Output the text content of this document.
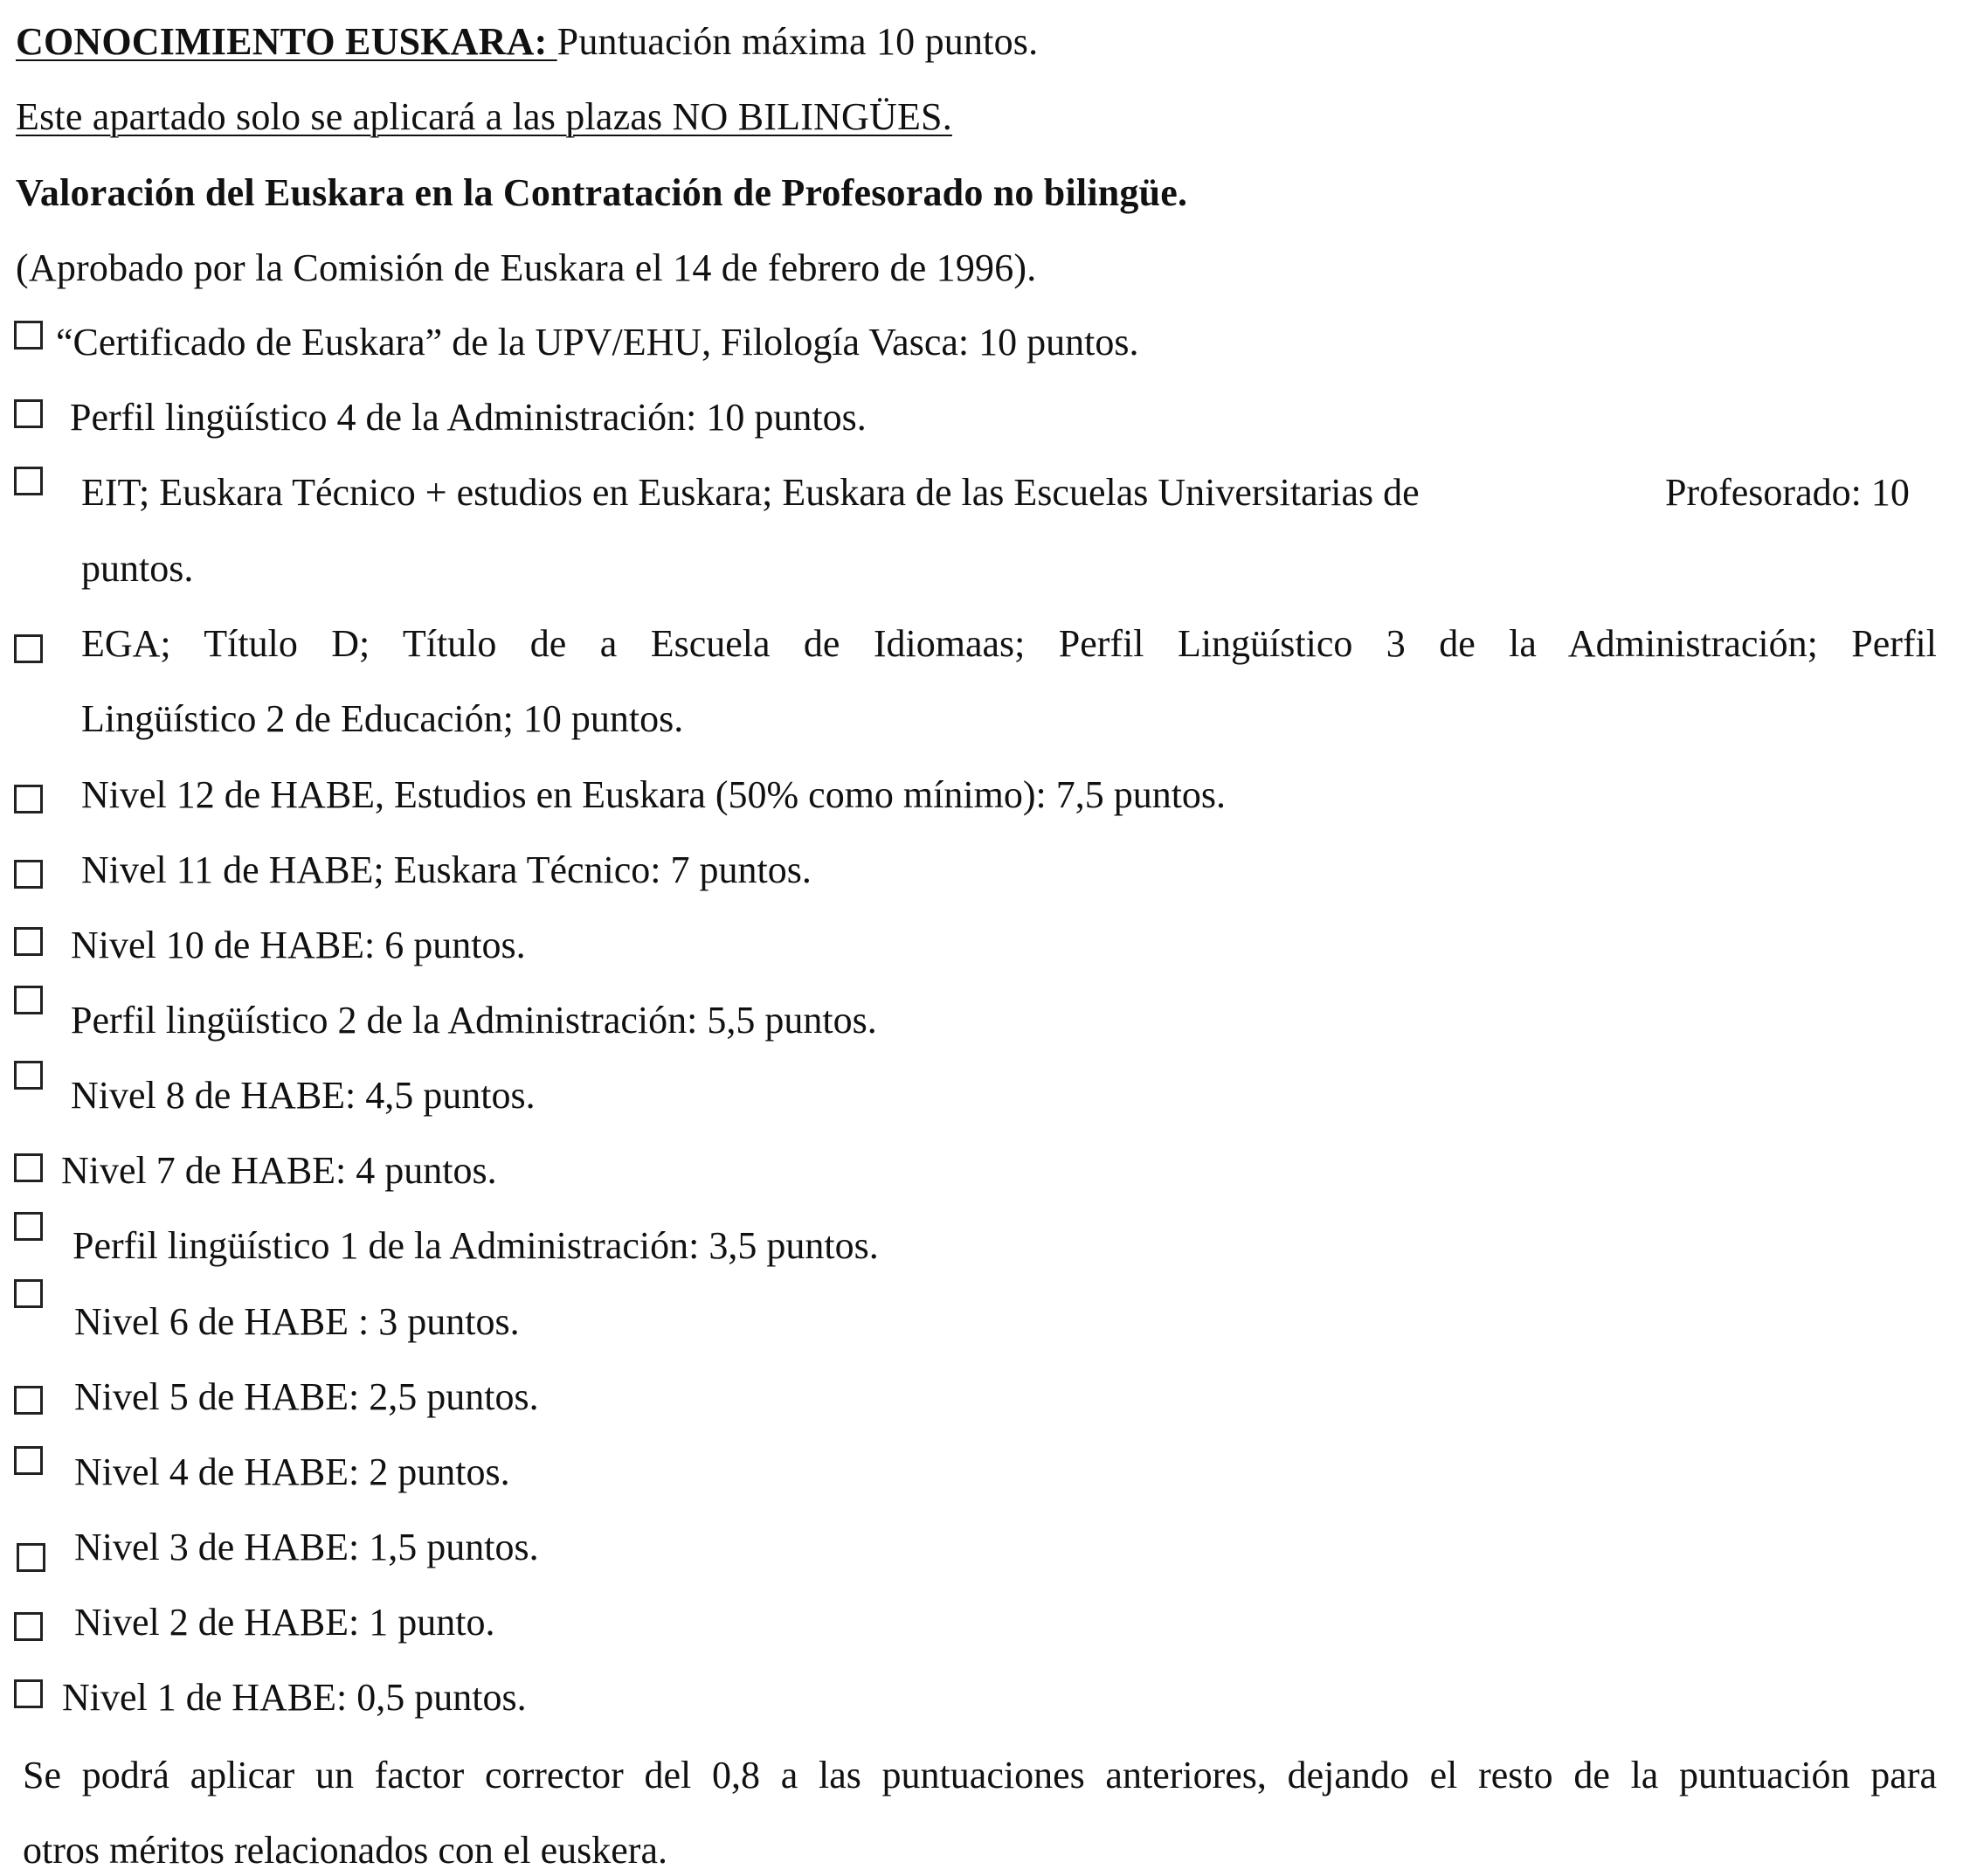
CONOCIMIENTO EUSKARA: Puntuación máxima 10 puntos.
Este apartado solo se aplicará a las plazas NO BILINGÜES.
Valoración del Euskara en la Contratación de Profesorado no bilingüe.
(Aprobado por la Comisión de Euskara el 14 de febrero de 1996).
“Certificado de Euskara” de la UPV/EHU, Filología Vasca: 10 puntos.
Perfil lingüístico 4 de la Administración: 10 puntos.
EIT; Euskara Técnico + estudios en Euskara; Euskara de las Escuelas Universitarias de	Profesorado: 10
puntos.
EGA; Título D; Título de a Escuela de Idiomaas; Perfil Lingüístico 3 de la Administración; Perfil
Lingüístico 2 de Educación; 10 puntos.
Nivel 12 de HABE, Estudios en Euskara (50% como mínimo): 7,5 puntos.
Nivel 11 de HABE; Euskara Técnico: 7 puntos.
Nivel 10 de HABE: 6 puntos.
Perfil lingüístico 2 de la Administración: 5,5 puntos.
Nivel 8 de HABE: 4,5 puntos.
Nivel 7 de HABE: 4 puntos.
Perfil lingüístico 1 de la Administración: 3,5 puntos.
Nivel 6 de HABE : 3 puntos.
Nivel 5 de HABE: 2,5 puntos.
Nivel 4 de HABE: 2 puntos.
Nivel 3 de HABE: 1,5 puntos.
Nivel 2 de HABE: 1 punto.
Nivel 1 de HABE: 0,5 puntos.
Se podrá aplicar un factor corrector del 0,8 a las puntuaciones anteriores, dejando el resto de la puntuación para
otros méritos relacionados con el euskera.
